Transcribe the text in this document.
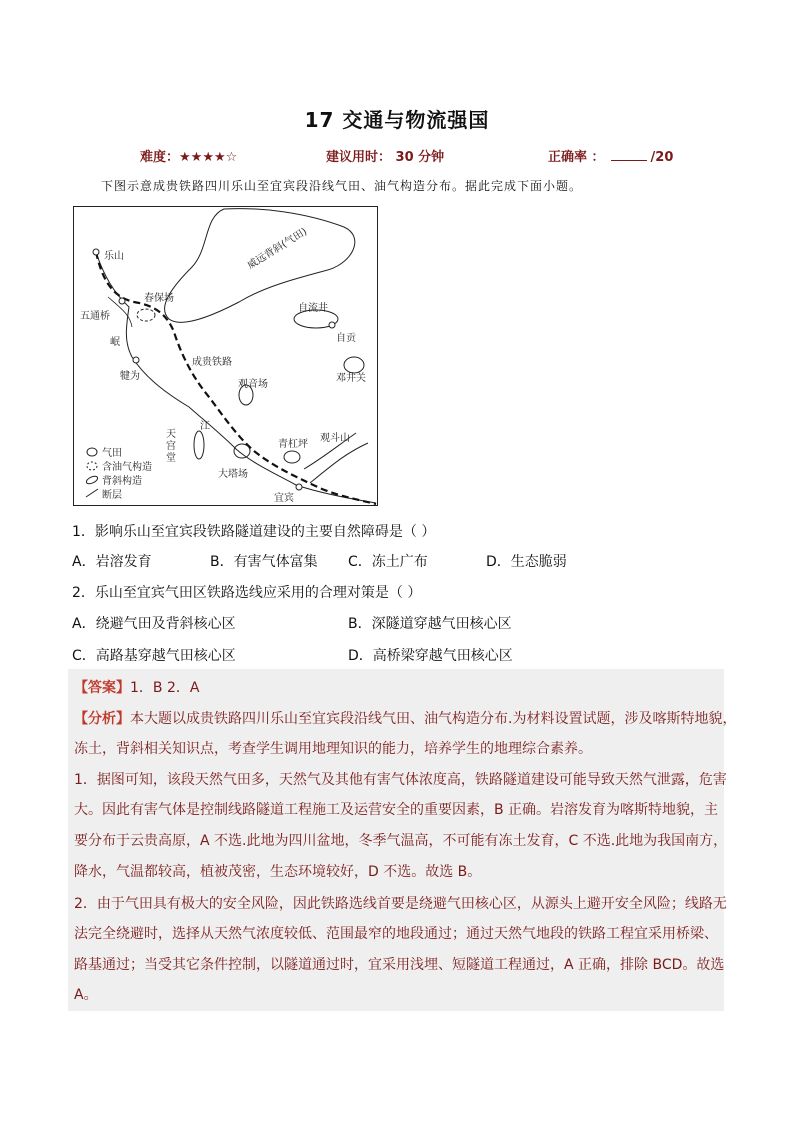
17 交通与物流强国
难度：★★★★☆	建议用时： 30 分钟	正确率 ：	/20
下图示意成贵铁路四川乐山至宜宾段沿线气田、油气构造分布。据此完成下面小题。
乐山
春保场
五通桥
岷
犍为
成贵铁路
观音场
威远背斜(气田)
自流井
自贡
邓井关
江
青杠坪
观斗山
大塔场
宜宾
天宫堂
气田
含油气构造
背斜构造
断层
1．影响乐山至宜宾段铁路隧道建设的主要自然障碍是（ ）
A．岩溶发育	B．有害气体富集 C．冻土广布	D．生态脆弱
2．乐山至宜宾气田区铁路选线应采用的合理对策是（ ）
A．绕避气田及背斜核心区	B．深隧道穿越气田核心区
C．高路基穿越气田核心区	D．高桥梁穿越气田核心区
【答案】1．B 2．A
【分析】本大题以成贵铁路四川乐山至宜宾段沿线气田、油气构造分布.为材料设置试题，涉及喀斯特地貌，
冻土，背斜相关知识点，考查学生调用地理知识的能力，培养学生的地理综合素养。
1．据图可知，该段天然气田多，天然气及其他有害气体浓度高，铁路隧道建设可能导致天然气泄露，危害
大。因此有害气体是控制线路隧道工程施工及运营安全的重要因素，B 正确。岩溶发育为喀斯特地貌，主
要分布于云贵高原，A 不选.此地为四川盆地，冬季气温高，不可能有冻土发育，C 不选.此地为我国南方，
降水，气温都较高，植被茂密，生态环境较好，D 不选。故选 B。
2．由于气田具有极大的安全风险，因此铁路选线首要是绕避气田核心区，从源头上避开安全风险；线路无
法完全绕避时，选择从天然气浓度较低、范围最窄的地段通过；通过天然气地段的铁路工程宜采用桥梁、
路基通过；当受其它条件控制，以隧道通过时，宜采用浅埋、短隧道工程通过，A 正确，排除 BCD。故选
A。
